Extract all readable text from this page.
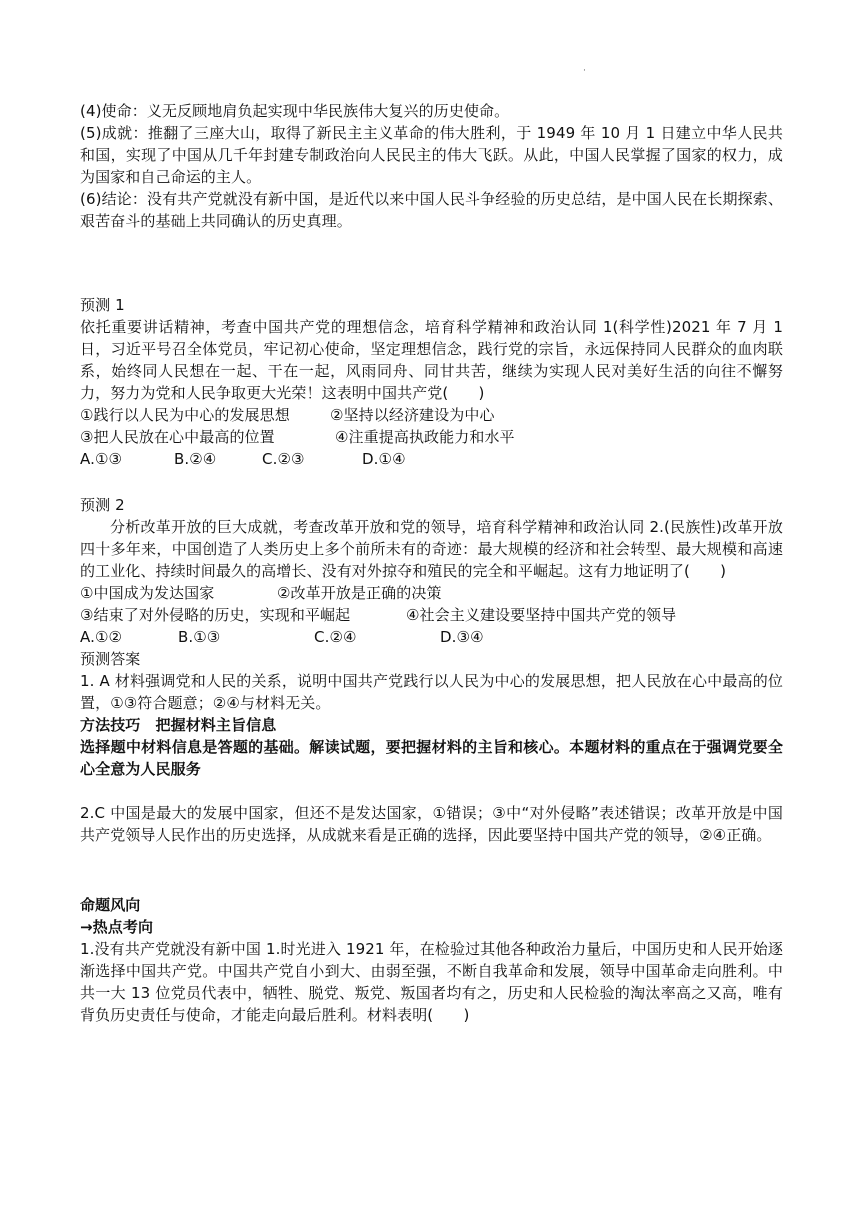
·

(4)使命：义无反顾地肩负起实现中华民族伟大复兴的历史使命。

(5)成就：推翻了三座大山，取得了新民主主义革命的伟大胜利，于 1949 年 10 月 1 日建立中华人民共和国，实现了中国从几千年封建专制政治向人民民主的伟大飞跃。从此，中国人民掌握了国家的权力，成为国家和自己命运的主人。

(6)结论：没有共产党就没有新中国，是近代以来中国人民斗争经验的历史总结，是中国人民在长期探索、艰苦奋斗的基础上共同确认的历史真理。

预测 1

依托重要讲话精神，考查中国共产党的理想信念，培育科学精神和政治认同 1(科学性)2021 年 7 月 1 日，习近平号召全体党员，牢记初心使命，坚定理想信念，践行党的宗旨，永远保持同人民群众的血肉联系，始终同人民想在一起、干在一起，风雨同舟、同甘共苦，继续为实现人民对美好生活的向往不懈努力，努力为党和人民争取更大光荣！这表明中国共产党(　　)

①践行以人民为中心的发展思想	②坚持以经济建设为中心

③把人民放在心中最高的位置	④注重提高执政能力和水平

A.①③	B.②④	C.②③	D.①④

预测 2

分析改革开放的巨大成就，考查改革开放和党的领导，培育科学精神和政治认同 2.(民族性)改革开放四十多年来，中国创造了人类历史上多个前所未有的奇迹：最大规模的经济和社会转型、最大规模和高速的工业化、持续时间最久的高增长、没有对外掠夺和殖民的完全和平崛起。这有力地证明了(　　)

①中国成为发达国家	②改革开放是正确的决策

③结束了对外侵略的历史，实现和平崛起	④社会主义建设要坚持中国共产党的领导

A.①②	B.①③	C.②④	D.③④

预测答案

1. A 材料强调党和人民的关系，说明中国共产党践行以人民为中心的发展思想，把人民放在心中最高的位置，①③符合题意；②④与材料无关。

方法技巧　把握材料主旨信息

选择题中材料信息是答题的基础。解读试题，要把握材料的主旨和核心。本题材料的重点在于强调党要全心全意为人民服务

2.C 中国是最大的发展中国家，但还不是发达国家，①错误；③中“对外侵略”表述错误；改革开放是中国共产党领导人民作出的历史选择，从成就来看是正确的选择，因此要坚持中国共产党的领导，②④正确。

命题风向

→热点考向

1.没有共产党就没有新中国 1.时光进入 1921 年，在检验过其他各种政治力量后，中国历史和人民开始逐渐选择中国共产党。中国共产党自小到大、由弱至强，不断自我革命和发展，领导中国革命走向胜利。中共一大 13 位党员代表中，牺牲、脱党、叛党、叛国者均有之，历史和人民检验的淘汰率高之又高，唯有背负历史责任与使命，才能走向最后胜利。材料表明(　　)
